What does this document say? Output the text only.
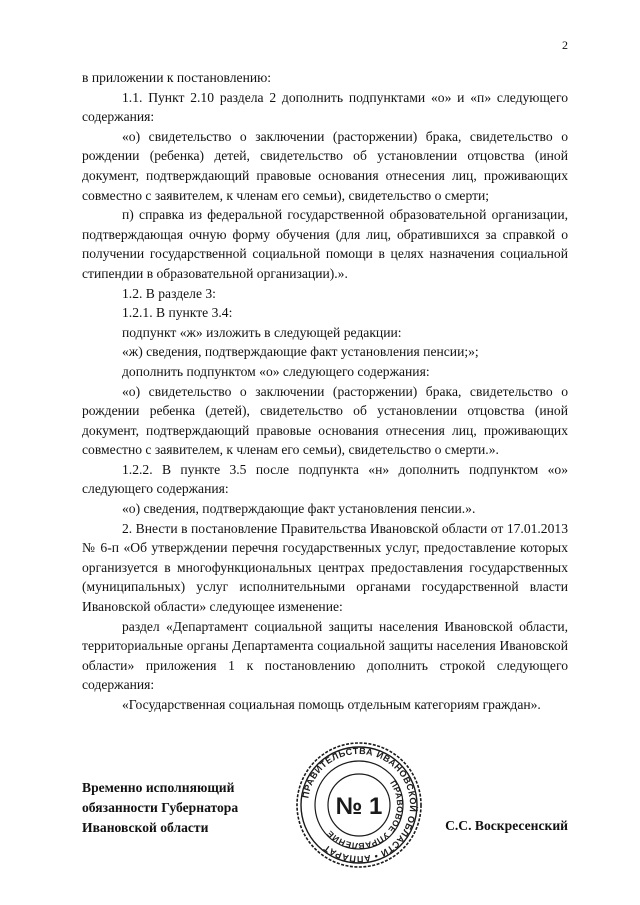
2

в приложении к постановлению:

1.1. Пункт 2.10 раздела 2 дополнить подпунктами «о» и «п» следующего содержания:

«о) свидетельство о заключении (расторжении) брака, свидетельство о рождении (ребенка) детей, свидетельство об установлении отцовства (иной документ, подтверждающий правовые основания отнесения лиц, проживающих совместно с заявителем, к членам его семьи), свидетельство о смерти;

п) справка из федеральной государственной образовательной организации, подтверждающая очную форму обучения (для лиц, обратившихся за справкой о получении государственной социальной помощи в целях назначения социальной стипендии в образовательной организации).».

1.2. В разделе 3:

1.2.1. В пункте 3.4:

подпункт «ж» изложить в следующей редакции:

«ж) сведения, подтверждающие факт установления пенсии;»;

дополнить подпунктом «о» следующего содержания:

«о) свидетельство о заключении (расторжении) брака, свидетельство о рождении ребенка (детей), свидетельство об установлении отцовства (иной документ, подтверждающий правовые основания отнесения лиц, проживающих совместно с заявителем, к членам его семьи), свидетельство о смерти.».

1.2.2. В пункте 3.5 после подпункта «н» дополнить подпунктом «о» следующего содержания:

«о) сведения, подтверждающие факт установления пенсии.».

2. Внести в постановление Правительства Ивановской области от 17.01.2013 № 6-п «Об утверждении перечня государственных услуг, предоставление которых организуется в многофункциональных центрах предоставления государственных (муниципальных) услуг исполнительными органами государственной власти Ивановской области» следующее изменение:

раздел «Департамент социальной защиты населения Ивановской области, территориальные органы Департамента социальной защиты населения Ивановской области» приложения 1 к постановлению дополнить строкой следующего содержания:

«Государственная социальная помощь отдельным категориям граждан».

Временно исполняющий
обязанности Губернатора
Ивановской области
ПРАВИТЕЛЬСТВА ИВАНОВСКОЙ ОБЛАСТИ • АППАРАТ
ПРАВОВОЕ УПРАВЛЕНИЕ
№ 1
С.С. Воскресенский
